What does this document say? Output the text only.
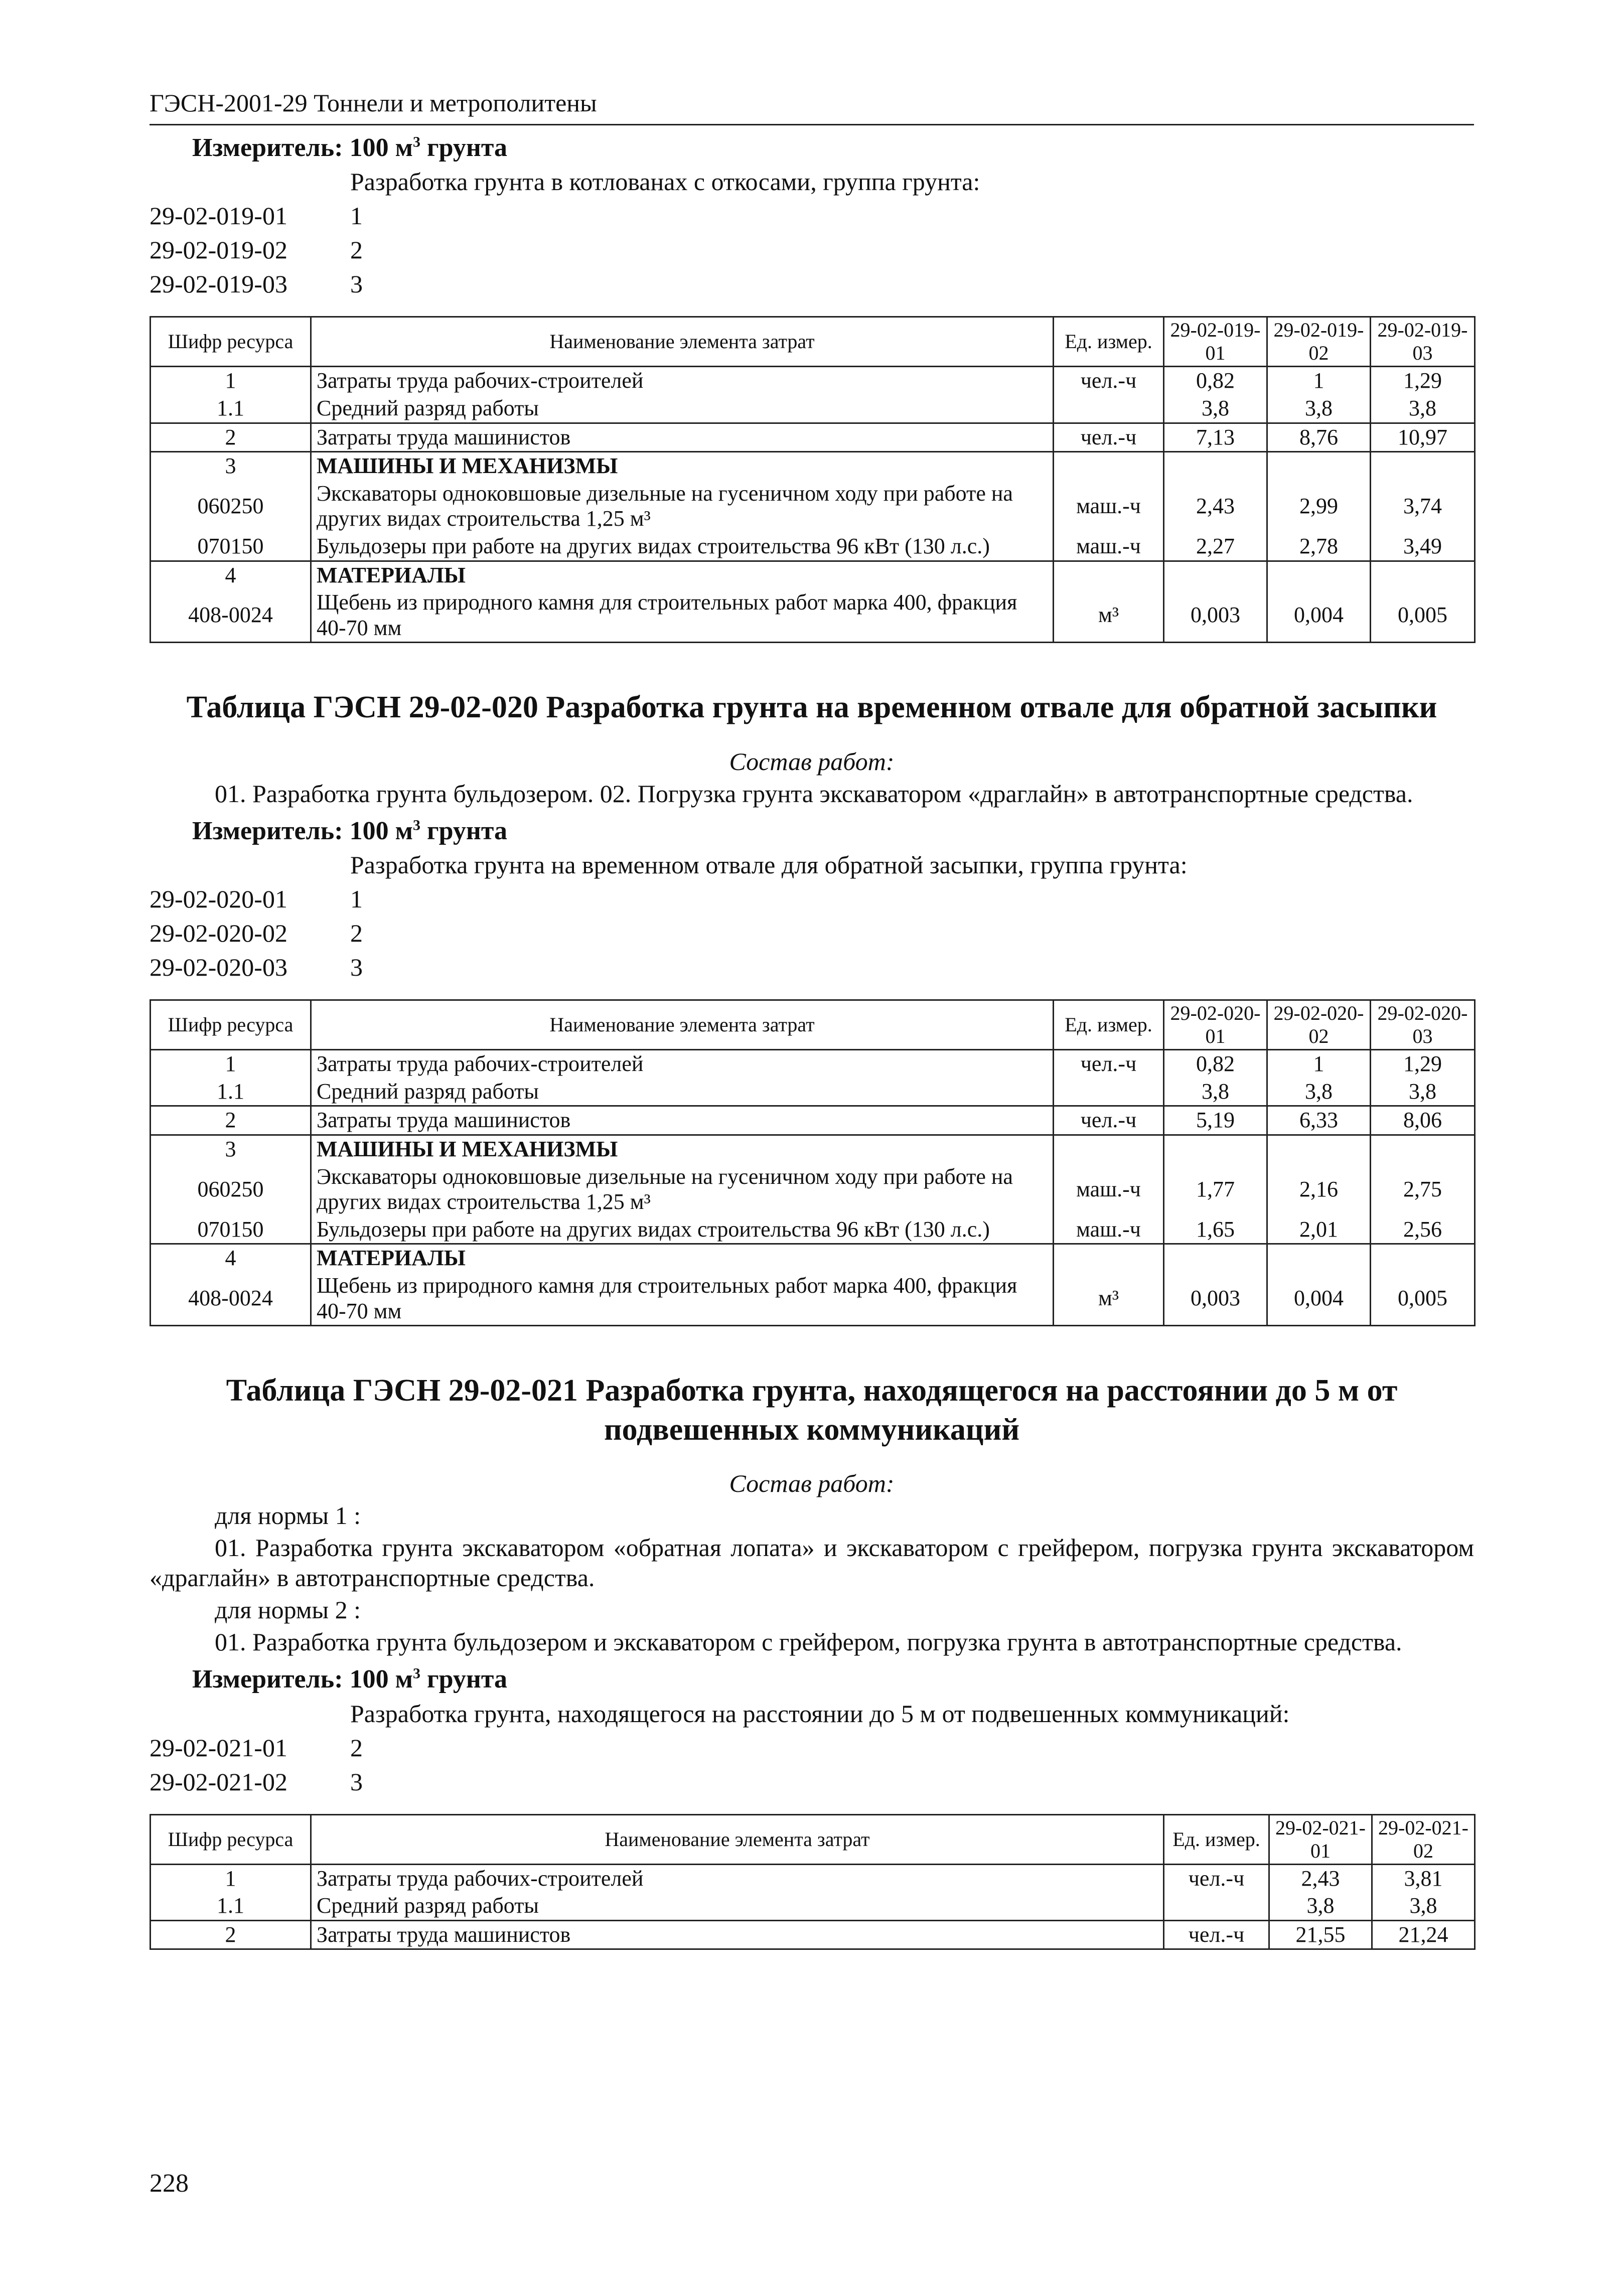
ГЭСН-2001-29 Тоннели и метрополитены
Измеритель: 100 $м^3$ грунта
Разработка грунта в котлованах с откосами, группа грунта:
29-02-019-01	1
29-02-019-02	2
29-02-019-03	3
Шифр ресурса	Наименование элемента затрат	Ед. измер.	29-02-019-01	29-02-019-02	29-02-019-03
1	Затраты труда рабочих-строителей	чел.-ч	0,82	1	1,29
1.1	Средний разряд работы		3,8	3,8	3,8
2	Затраты труда машинистов	чел.-ч	7,13	8,76	10,97
3	МАШИНЫ И МЕХАНИЗМЫ				
060250	Экскаваторы одноковшовые дизельные на гусеничном ходу при работе на других видах строительства 1,25 м³	маш.-ч	2,43	2,99	3,74
070150	Бульдозеры при работе на других видах строительства 96 кВт (130 л.с.)	маш.-ч	2,27	2,78	3,49
4	МАТЕРИАЛЫ				
408-0024	Щебень из природного камня для строительных работ марка 400, фракция 40-70 мм	м³	0,003	0,004	0,005
Таблица ГЭСН 29-02-020 Разработка грунта на временном отвале для обратной засыпки
Состав работ:
01. Разработка грунта бульдозером. 02. Погрузка грунта экскаватором «драглайн» в автотранспортные средства.
Измеритель: 100 $м^3$ грунта
Разработка грунта на временном отвале для обратной засыпки, группа грунта:
29-02-020-01	1
29-02-020-02	2
29-02-020-03	3
Шифр ресурса	Наименование элемента затрат	Ед. измер.	29-02-020-01	29-02-020-02	29-02-020-03
1	Затраты труда рабочих-строителей	чел.-ч	0,82	1	1,29
1.1	Средний разряд работы		3,8	3,8	3,8
2	Затраты труда машинистов	чел.-ч	5,19	6,33	8,06
3	МАШИНЫ И МЕХАНИЗМЫ				
060250	Экскаваторы одноковшовые дизельные на гусеничном ходу при работе на других видах строительства 1,25 м³	маш.-ч	1,77	2,16	2,75
070150	Бульдозеры при работе на других видах строительства 96 кВт (130 л.с.)	маш.-ч	1,65	2,01	2,56
4	МАТЕРИАЛЫ				
408-0024	Щебень из природного камня для строительных работ марка 400, фракция 40-70 мм	м³	0,003	0,004	0,005
Таблица ГЭСН 29-02-021 Разработка грунта, находящегося на расстоянии до 5 м от подвешенных коммуникаций
Состав работ:
для нормы 1 :
01. Разработка грунта экскаватором «обратная лопата» и экскаватором с грейфером, погрузка грунта экскаватором «драглайн» в автотранспортные средства.
для нормы 2 :
01. Разработка грунта бульдозером и экскаватором с грейфером, погрузка грунта в автотранспортные средства.
Измеритель: 100 $м^3$ грунта
Разработка грунта, находящегося на расстоянии до 5 м от подвешенных коммуникаций:
29-02-021-01	2
29-02-021-02	3
Шифр ресурса	Наименование элемента затрат	Ед. измер.	29-02-021-01	29-02-021-02
1	Затраты труда рабочих-строителей	чел.-ч	2,43	3,81
1.1	Средний разряд работы		3,8	3,8
2	Затраты труда машинистов	чел.-ч	21,55	21,24
228
